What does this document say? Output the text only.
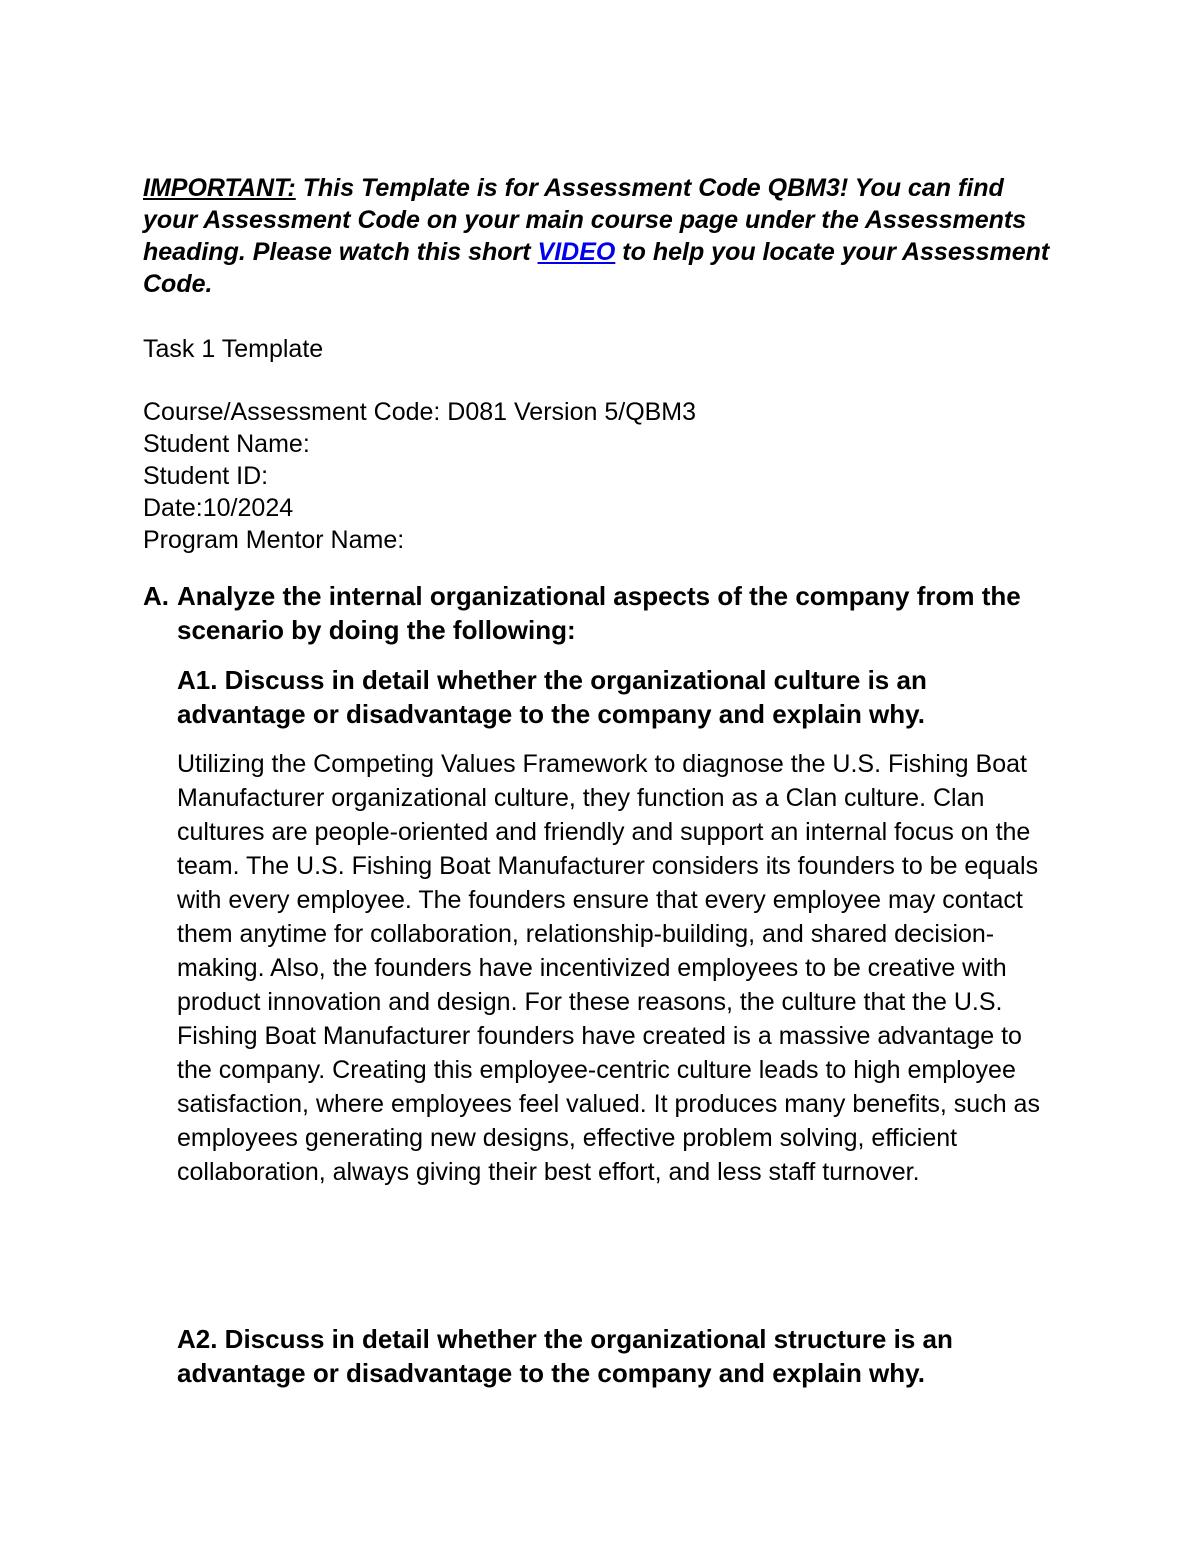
IMPORTANT: This Template is for Assessment Code QBM3! You can find your Assessment Code on your main course page under the Assessments heading. Please watch this short VIDEO to help you locate your Assessment Code.

Task 1 Template

Course/Assessment Code: D081 Version 5/QBM3
Student Name:
Student ID:
Date:10/2024
Program Mentor Name:
A. Analyze the internal organizational aspects of the company from the scenario by doing the following:

A1. Discuss in detail whether the organizational culture is an advantage or disadvantage to the company and explain why.

Utilizing the Competing Values Framework to diagnose the U.S. Fishing Boat Manufacturer organizational culture, they function as a Clan culture. Clan cultures are people-oriented and friendly and support an internal focus on the team. The U.S. Fishing Boat Manufacturer considers its founders to be equals with every employee. The founders ensure that every employee may contact them anytime for collaboration, relationship-building, and shared decision-making. Also, the founders have incentivized employees to be creative with product innovation and design. For these reasons, the culture that the U.S. Fishing Boat Manufacturer founders have created is a massive advantage to the company. Creating this employee-centric culture leads to high employee satisfaction, where employees feel valued. It produces many benefits, such as employees generating new designs, effective problem solving, efficient collaboration, always giving their best effort, and less staff turnover.

A2. Discuss in detail whether the organizational structure is an advantage or disadvantage to the company and explain why.
